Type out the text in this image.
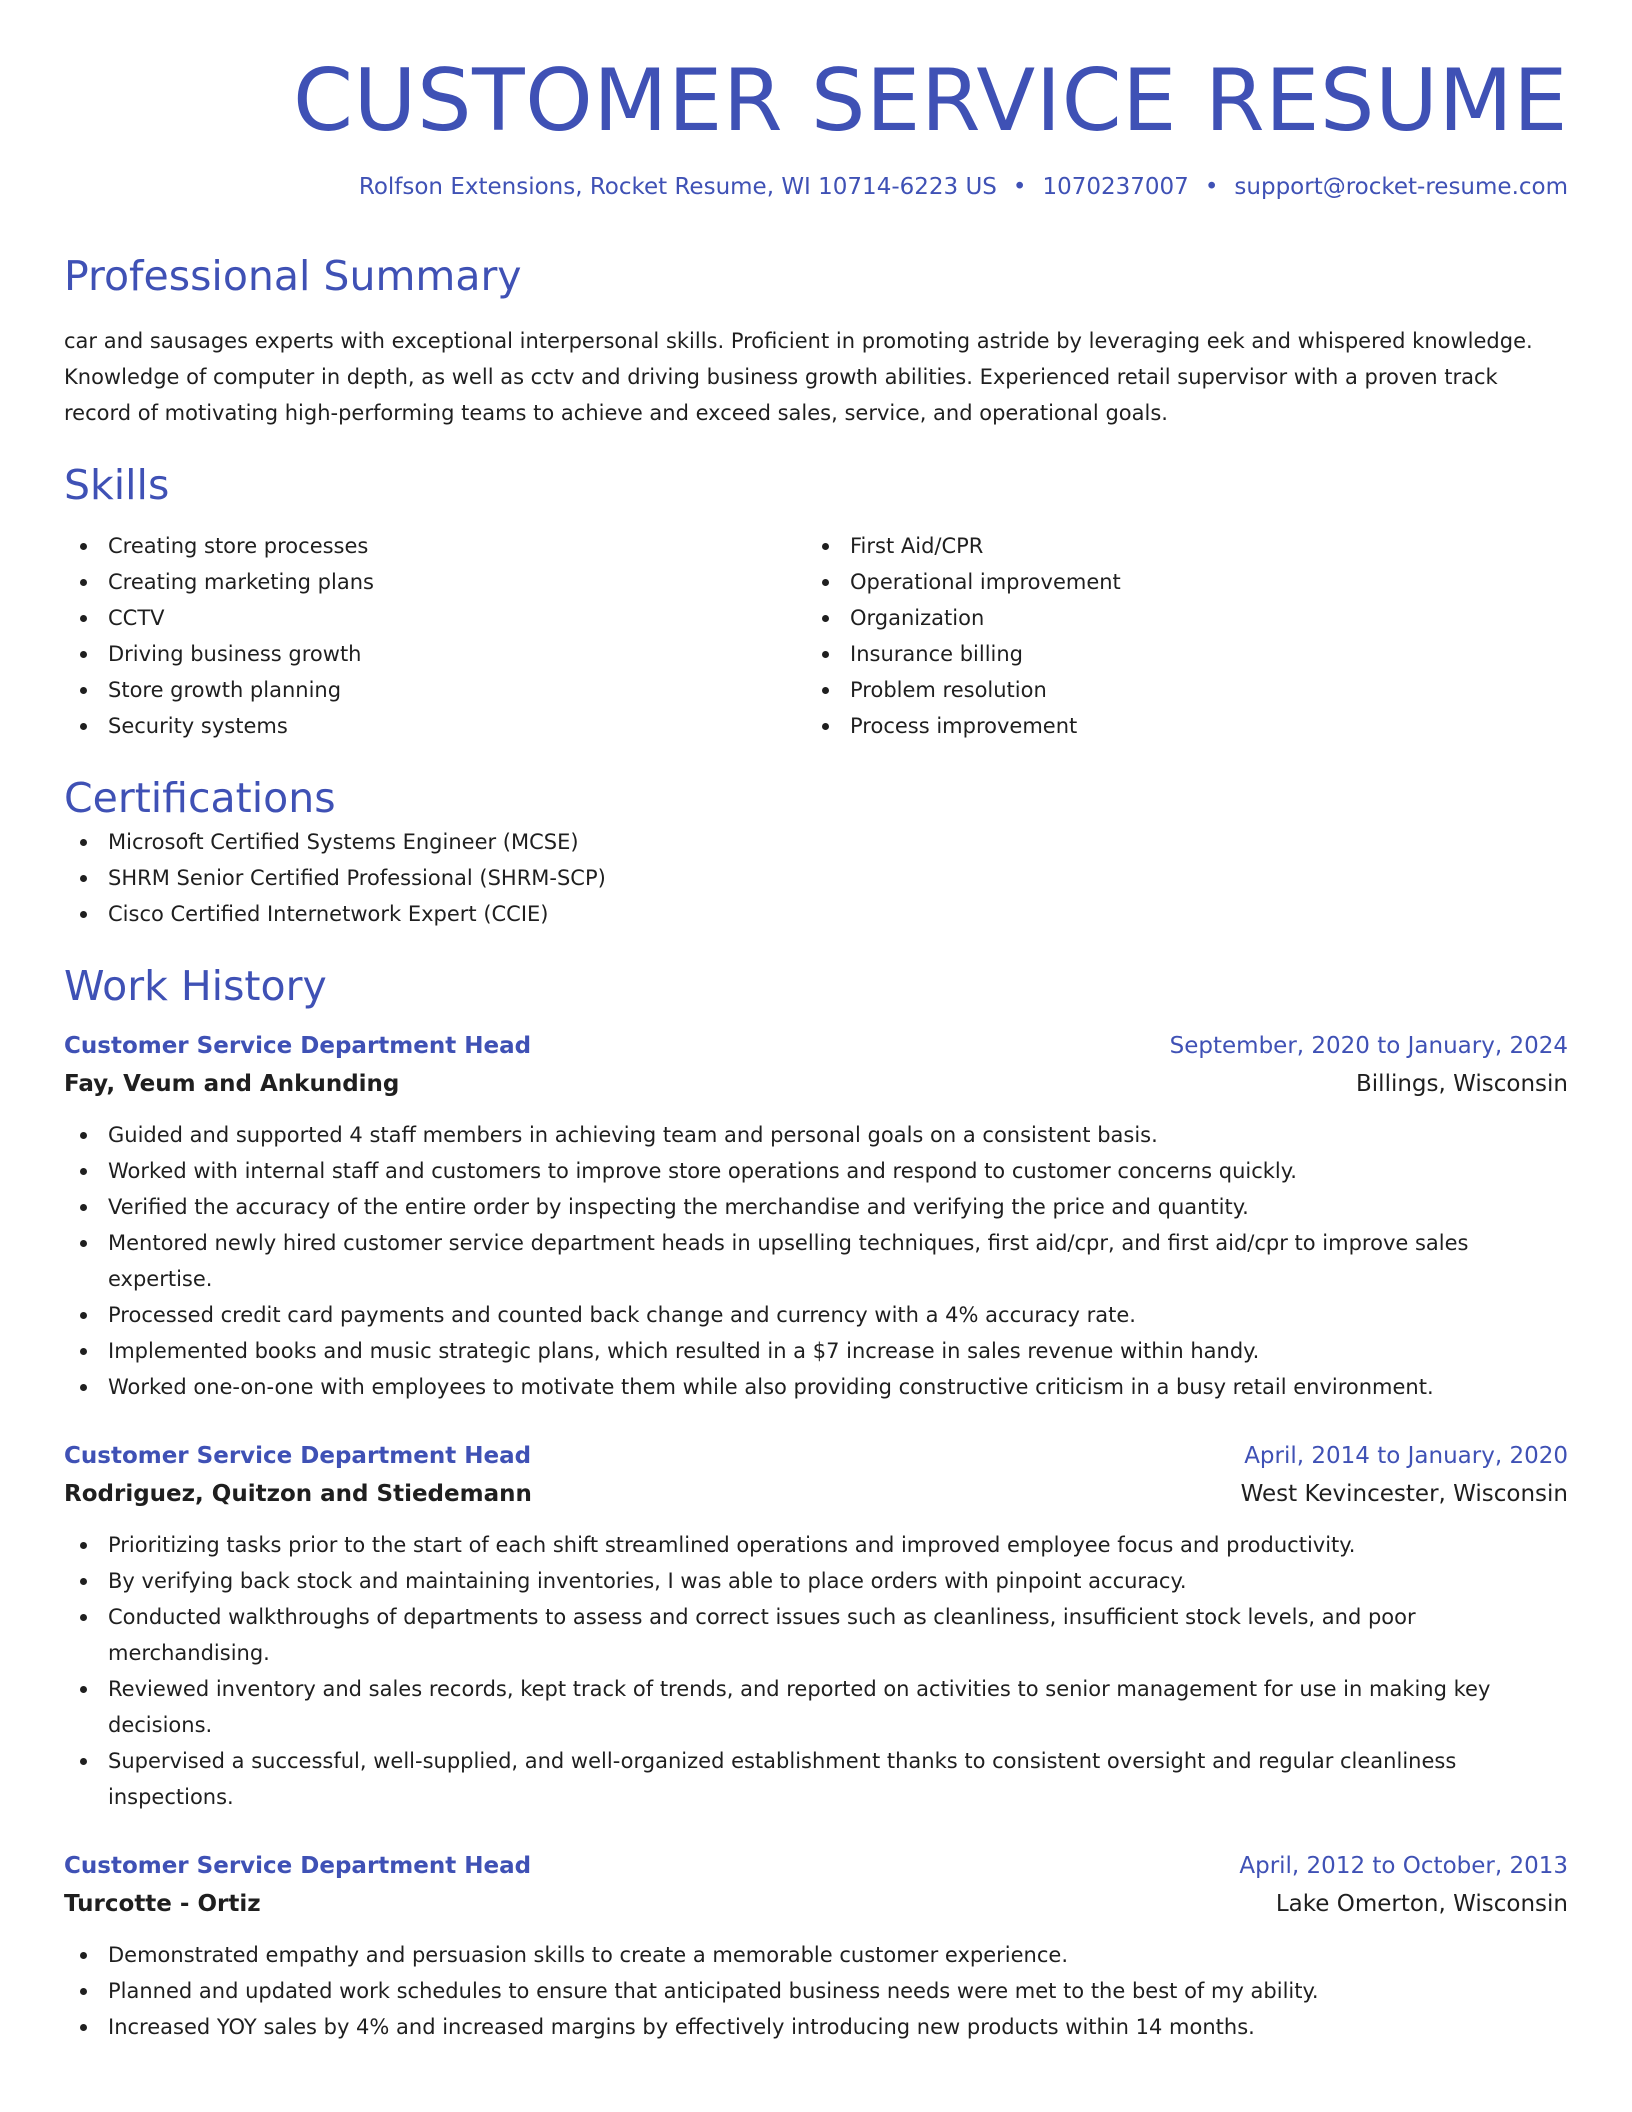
CUSTOMER SERVICE RESUME
Rolfson Extensions, Rocket Resume, WI 10714-6223 US • 1070237007 • support@rocket-resume.com
Professional Summary

car and sausages experts with exceptional interpersonal skills. Proficient in promoting astride by leveraging eek and whispered knowledge. Knowledge of computer in depth, as well as cctv and driving business growth abilities. Experienced retail supervisor with a proven track record of motivating high-performing teams to achieve and exceed sales, service, and operational goals.

Skills
Creating store processes
Creating marketing plans
CCTV
Driving business growth
Store growth planning
Security systems
First Aid/CPR
Operational improvement
Organization
Insurance billing
Problem resolution
Process improvement
Certifications
Microsoft Certified Systems Engineer (MCSE)
SHRM Senior Certified Professional (SHRM-SCP)
Cisco Certified Internetwork Expert (CCIE)
Work History
Customer Service Department Head	September, 2020 to January, 2024
Fay, Veum and Ankunding	Billings, Wisconsin
Guided and supported 4 staff members in achieving team and personal goals on a consistent basis.
Worked with internal staff and customers to improve store operations and respond to customer concerns quickly.
Verified the accuracy of the entire order by inspecting the merchandise and verifying the price and quantity.
Mentored newly hired customer service department heads in upselling techniques, first aid/cpr, and first aid/cpr to improve sales expertise.
Processed credit card payments and counted back change and currency with a 4% accuracy rate.
Implemented books and music strategic plans, which resulted in a $7 increase in sales revenue within handy.
Worked one-on-one with employees to motivate them while also providing constructive criticism in a busy retail environment.
Customer Service Department Head	April, 2014 to January, 2020
Rodriguez, Quitzon and Stiedemann	West Kevincester, Wisconsin
Prioritizing tasks prior to the start of each shift streamlined operations and improved employee focus and productivity.
By verifying back stock and maintaining inventories, I was able to place orders with pinpoint accuracy.
Conducted walkthroughs of departments to assess and correct issues such as cleanliness, insufficient stock levels, and poor merchandising.
Reviewed inventory and sales records, kept track of trends, and reported on activities to senior management for use in making key decisions.
Supervised a successful, well-supplied, and well-organized establishment thanks to consistent oversight and regular cleanliness inspections.
Customer Service Department Head	April, 2012 to October, 2013
Turcotte - Ortiz	Lake Omerton, Wisconsin
Demonstrated empathy and persuasion skills to create a memorable customer experience.
Planned and updated work schedules to ensure that anticipated business needs were met to the best of my ability.
Increased YOY sales by 4% and increased margins by effectively introducing new products within 14 months.
